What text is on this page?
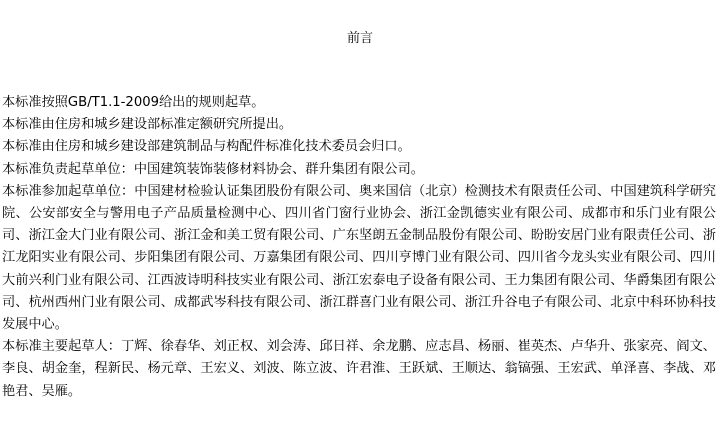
前言

本标准按照GB/T1.1-2009给出的规则起草。

本标准由住房和城乡建设部标准定额研究所提出。

本标准由住房和城乡建设部建筑制品与构配件标准化技术委员会归口。

本标准负责起草单位：中国建筑装饰装修材料协会、群升集团有限公司。

本标准参加起草单位：中国建材检验认证集团股份有限公司、奥来国信（北京）检测技术有限责任公司、中国建筑科学研究院、公安部安全与警用电子产品质量检测中心、四川省门窗行业协会、浙江金凯德实业有限公司、成都市和乐门业有限公司、浙江金大门业有限公司、浙江金和美工贸有限公司、广东坚朗五金制品股份有限公司、盼盼安居门业有限责任公司、浙江龙阳实业有限公司、步阳集团有限公司、万嘉集团有限公司、四川亨博门业有限公司、四川省今龙头实业有限公司、四川大前兴利门业有限公司、江西波诗明科技实业有限公司、浙江宏泰电子设备有限公司、王力集团有限公司、华爵集团有限公司、杭州西州门业有限公司、成都武岑科技有限公司、浙江群喜门业有限公司、浙江升谷电子有限公司、北京中科环协科技发展中心。

本标准主要起草人：丁辉、徐春华、刘正权、刘会涛、邱日祥、余龙鹏、应志昌、杨丽、崔英杰、卢华升、张家亮、阎文、李良、胡金奎，程新民、杨元章、王宏义、刘波、陈立波、许君淮、王跃斌、王顺达、翁镐强、王宏武、单泽喜、李战、邓艳君、吴雁。
